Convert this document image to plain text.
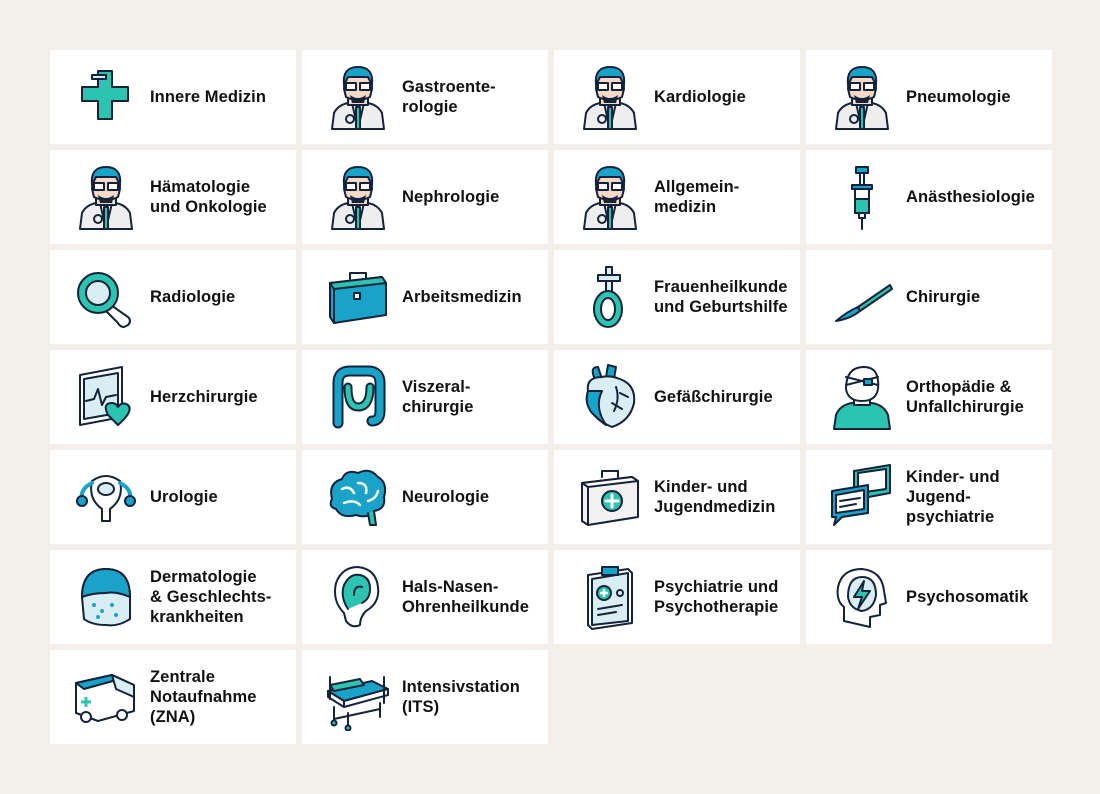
Innere Medizin
Gastroente-
rologie
Kardiologie	Pneumologie
Hämatologie
und Onkologie
Nephrologie
Allgemein-
medizin
Anästhesiologie
Radiologie	Arbeitsmedizin
Frauenheilkunde
und Geburtshilfe
Chirurgie
Herzchirurgie
Viszeral-
chirurgie
Gefäßchirurgie
Orthopädie &
Unfallchirurgie
Urologie	Neurologie
Kinder- und
Jugendmedizin
Kinder- und
Jugend-
psychiatrie
Dermatologie
& Geschlechts-
krankheiten
Hals-Nasen-
Ohrenheilkunde
Psychiatrie und
Psychotherapie
Psychosomatik
Zentrale
Notaufnahme
(ZNA)
Intensivstation
(ITS)
